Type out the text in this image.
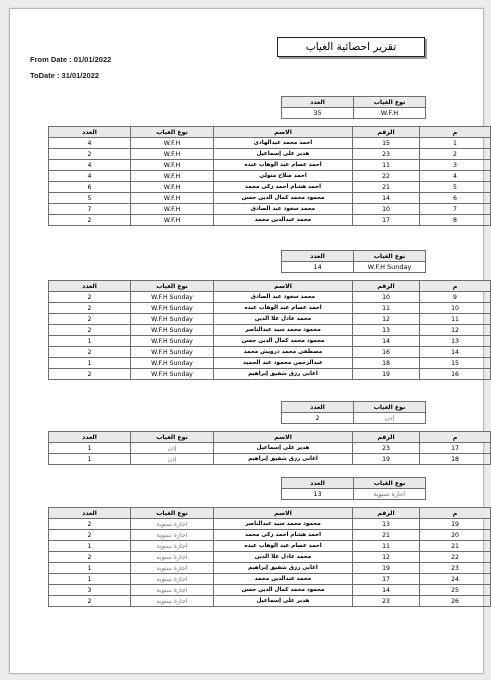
From Date : 01/01/2022
ToDate : 31/01/2022
تقرير احصائية الغياب
العدد	نوع الغياب
35	W.F.H
العدد	نوع الغياب	الاسم	الرقم	م
4	W.F.H	احمد محمد عبدالهادى	15	1
2	W.F.H	هدير على إسماعيل	23	2
4	W.F.H	احمد عصام عبد الوهاب عبده	11	3
4	W.F.H	احمد صلاح متولى	22	4
6	W.F.H	احمد هشام احمد زكى محمد	21	5
5	W.F.H	محمود محمد كمال الدين حسن	14	6
7	W.F.H	محمد سعود عبد الصادق	10	7
2	W.F.H	محمد عبدالدين محمد	17	8
العدد	نوع الغياب
14	W.F.H Sunday
العدد	نوع الغياب	الاسم	الرقم	م
2	W.F.H Sunday	محمد سعود عبد الصادق	10	9
2	W.F.H Sunday	احمد عصام عبد الوهاب عبده	11	10
2	W.F.H Sunday	محمد عادل علا الدين	12	11
2	W.F.H Sunday	محمود محمد سيد عبدالناصر	13	12
1	W.F.H Sunday	محمود محمد كمال الدين حسن	14	13
2	W.F.H Sunday	مصطفى محمد درويش محمد	16	14
1	W.F.H Sunday	عبدالرحمن محمود عبد الحميد	18	15
2	W.F.H Sunday	اغابى رزق شفيق إبراهيم	19	16
العدد	نوع الغياب
2	إذن
العدد	نوع الغياب	الاسم	الرقم	م
1	إذن	هدير على إسماعيل	23	17
1	إذن	اغابى رزق شفيق إبراهيم	19	18
العدد	نوع الغياب
13	اجازة سنوية
العدد	نوع الغياب	الاسم	الرقم	م
2	اجازة سنوية	محمود محمد سيد عبدالناصر	13	19
2	اجازة سنوية	احمد هشام احمد زكى محمد	21	20
1	اجازة سنوية	احمد عصام عبد الوهاب عبده	11	21
2	اجازة سنوية	محمد عادل علا الدين	12	22
1	اجازة سنوية	اغابى رزق شفيق إبراهيم	19	23
1	اجازة سنوية	محمد عبدالدين محمد	17	24
3	اجازة سنوية	محمود محمد كمال الدين حسن	14	25
2	اجازة سنوية	هدير على إسماعيل	23	26
